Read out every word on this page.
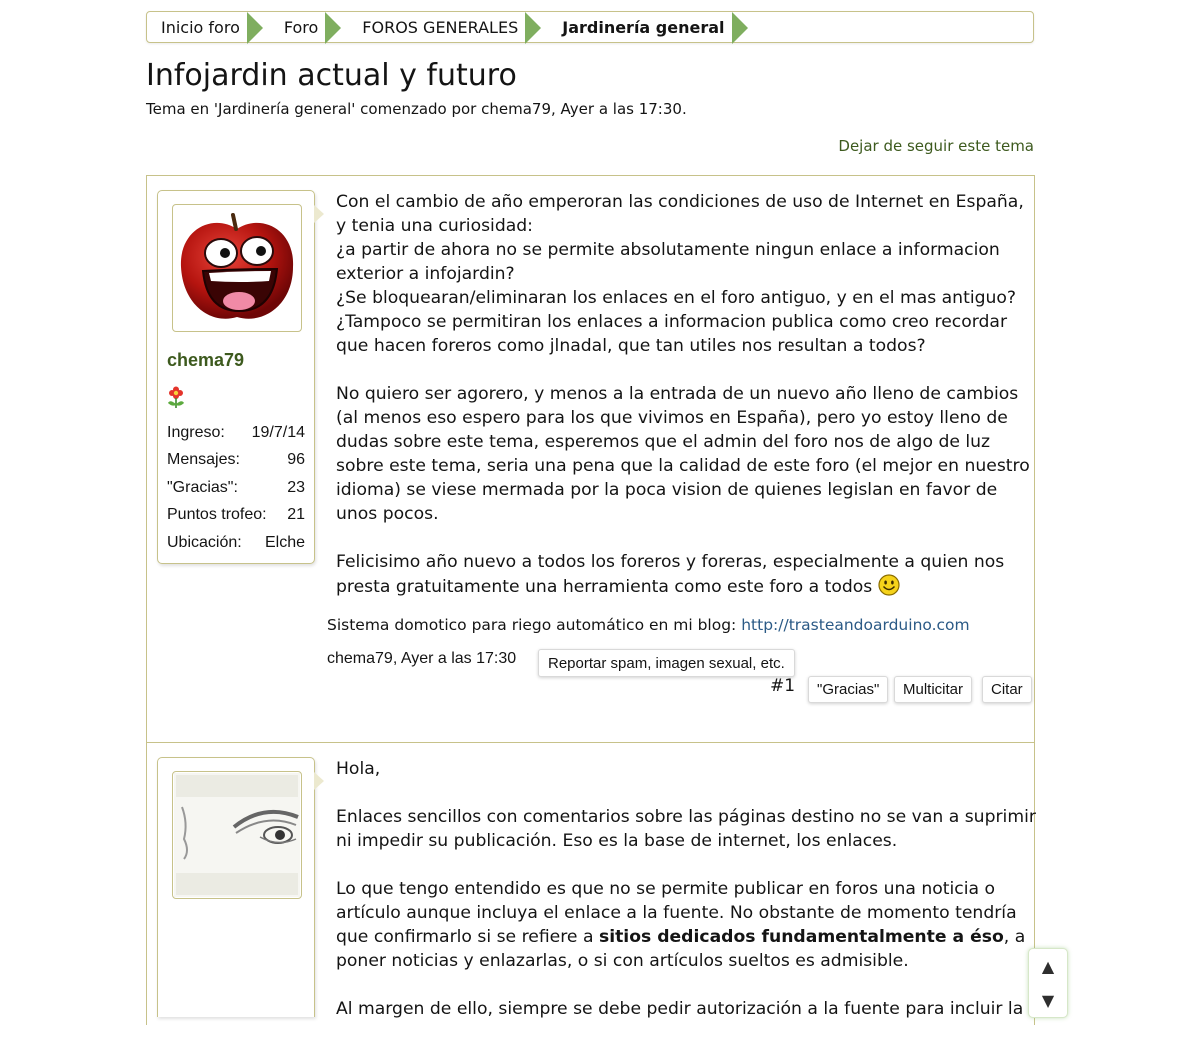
Inicio foro	Foro	FOROS GENERALES	Jardinería general
Infojardin actual y futuro
Tema en 'Jardinería general' comenzado por chema79, Ayer a las 17:30.
Dejar de seguir este tema
chema79
Ingreso: 19/7/14
Mensajes:	96
"Gracias":	23
Puntos trofeo: 21
Ubicación: Elche

Con el cambio de año emperoran las condiciones de uso de Internet en España, y tenia una curiosidad:
¿a partir de ahora no se permite absolutamente ningun enlace a informacion exterior a infojardin?
¿Se bloquearan/eliminaran los enlaces en el foro antiguo, y en el mas antiguo?
¿Tampoco se permitiran los enlaces a informacion publica como creo recordar que hacen foreros como jlnadal, que tan utiles nos resultan a todos?

No quiero ser agorero, y menos a la entrada de un nuevo año lleno de cambios (al menos eso espero para los que vivimos en España), pero yo estoy lleno de dudas sobre este tema, esperemos que el admin del foro nos de algo de luz sobre este tema, seria una pena que la calidad de este foro (el mejor en nuestro idioma) se viese mermada por la poca vision de quienes legislan en favor de unos pocos.

Felicisimo año nuevo a todos los foreros y foreras, especialmente a quien nos presta gratuitamente una herramienta como este foro a todos

Sistema domotico para riego automático en mi blog: http://trasteandoarduino.com
chema79, Ayer a las 17:30	Reportar spam, imagen sexual, etc.
#1	"Gracias"	Multicitar	Citar

Hola,

Enlaces sencillos con comentarios sobre las páginas destino no se van a suprimir ni impedir su publicación. Eso es la base de internet, los enlaces.

Lo que tengo entendido es que no se permite publicar en foros una noticia o artículo aunque incluya el enlace a la fuente. No obstante de momento tendría que confirmarlo si se refiere a sitios dedicados fundamentalmente a éso, a poner noticias y enlazarlas, o si con artículos sueltos es admisible.

Al margen de ello, siempre se debe pedir autorización a la fuente para incluir la

▲
▼
